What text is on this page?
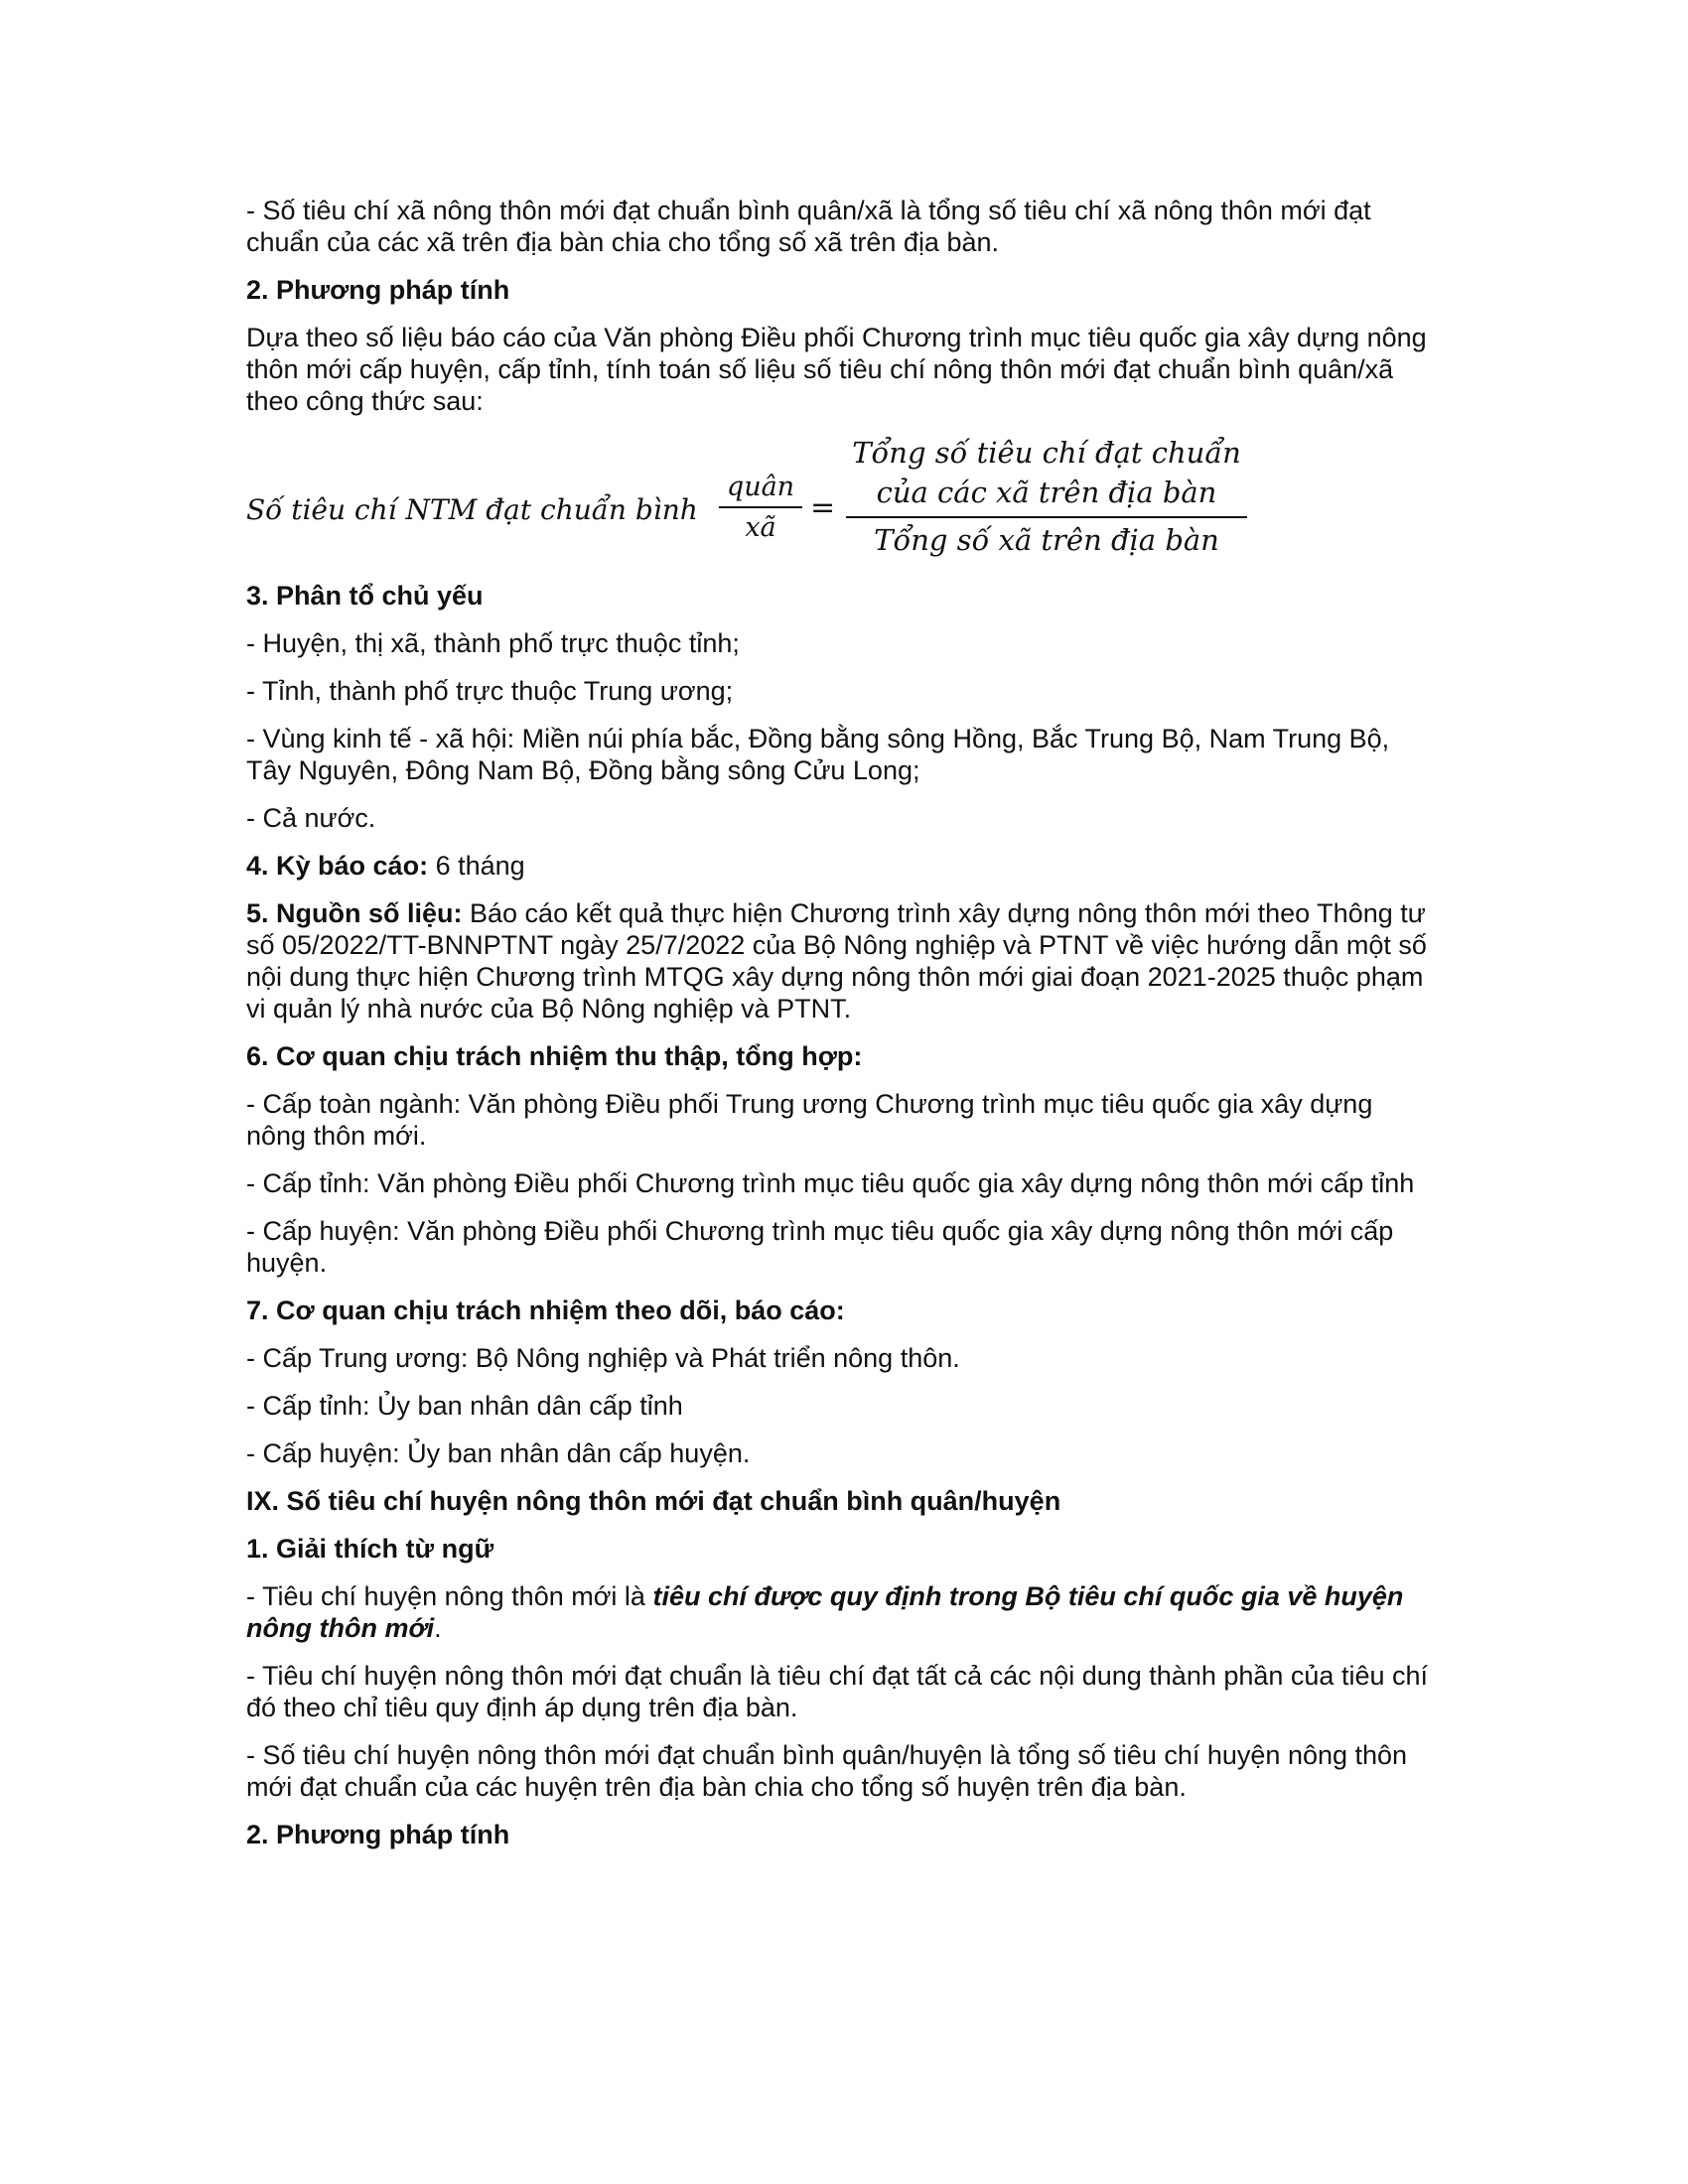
- Số tiêu chí xã nông thôn mới đạt chuẩn bình quân/xã là tổng số tiêu chí xã nông thôn mới đạt chuẩn của các xã trên địa bàn chia cho tổng số xã trên địa bàn.

2. Phương pháp tính

Dựa theo số liệu báo cáo của Văn phòng Điều phối Chương trình mục tiêu quốc gia xây dựng nông thôn mới cấp huyện, cấp tỉnh, tính toán số liệu số tiêu chí nông thôn mới đạt chuẩn bình quân/xã theo công thức sau:

Số tiêu chí NTM đạt chuẩn bình
quân
xã
=
Tổng số tiêu chí đạt chuẩn
của các xã trên địa bàn
Tổng số xã trên địa bàn

3. Phân tổ chủ yếu

- Huyện, thị xã, thành phố trực thuộc tỉnh;

- Tỉnh, thành phố trực thuộc Trung ương;

- Vùng kinh tế - xã hội: Miền núi phía bắc, Đồng bằng sông Hồng, Bắc Trung Bộ, Nam Trung Bộ, Tây Nguyên, Đông Nam Bộ, Đồng bằng sông Cửu Long;

- Cả nước.

4. Kỳ báo cáo: 6 tháng

5. Nguồn số liệu: Báo cáo kết quả thực hiện Chương trình xây dựng nông thôn mới theo Thông tư số 05/2022/TT-BNNPTNT ngày 25/7/2022 của Bộ Nông nghiệp và PTNT về việc hướng dẫn một số nội dung thực hiện Chương trình MTQG xây dựng nông thôn mới giai đoạn 2021-2025 thuộc phạm vi quản lý nhà nước của Bộ Nông nghiệp và PTNT.

6. Cơ quan chịu trách nhiệm thu thập, tổng hợp:

- Cấp toàn ngành: Văn phòng Điều phối Trung ương Chương trình mục tiêu quốc gia xây dựng nông thôn mới.

- Cấp tỉnh: Văn phòng Điều phối Chương trình mục tiêu quốc gia xây dựng nông thôn mới cấp tỉnh

- Cấp huyện: Văn phòng Điều phối Chương trình mục tiêu quốc gia xây dựng nông thôn mới cấp huyện.

7. Cơ quan chịu trách nhiệm theo dõi, báo cáo:

- Cấp Trung ương: Bộ Nông nghiệp và Phát triển nông thôn.

- Cấp tỉnh: Ủy ban nhân dân cấp tỉnh

- Cấp huyện: Ủy ban nhân dân cấp huyện.

IX. Số tiêu chí huyện nông thôn mới đạt chuẩn bình quân/huyện

1. Giải thích từ ngữ

- Tiêu chí huyện nông thôn mới là tiêu chí được quy định trong Bộ tiêu chí quốc gia về huyện nông thôn mới.

- Tiêu chí huyện nông thôn mới đạt chuẩn là tiêu chí đạt tất cả các nội dung thành phần của tiêu chí đó theo chỉ tiêu quy định áp dụng trên địa bàn.

- Số tiêu chí huyện nông thôn mới đạt chuẩn bình quân/huyện là tổng số tiêu chí huyện nông thôn mới đạt chuẩn của các huyện trên địa bàn chia cho tổng số huyện trên địa bàn.

2. Phương pháp tính
